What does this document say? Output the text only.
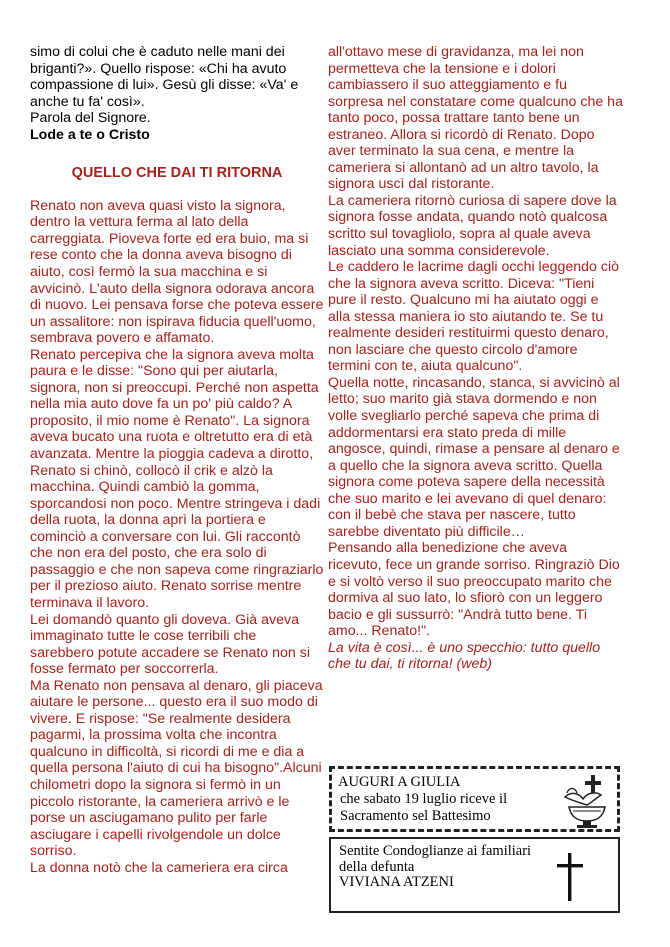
simo di colui che è caduto nelle mani dei briganti?». Quello rispose: «Chi ha avuto compassione di lui». Gesù gli disse: «Va' e anche tu fa' così».

Parola del Signore.

Lode a te o Cristo

QUELLO CHE DAI TI RITORNA

Renato non aveva quasi visto la signora, dentro la vettura ferma al lato della carreggiata. Pioveva forte ed era buio, ma si rese conto che la donna aveva bisogno di aiuto, così fermò la sua macchina e si avvicinò. L'auto della signora odorava ancora di nuovo. Lei pensava forse che poteva essere un assalitore: non ispirava fiducia quell'uomo, sembrava povero e affamato.

Renato percepiva che la signora aveva molta paura e le disse: "Sono qui per aiutarla, signora, non si preoccupi. Perché non aspetta nella mia auto dove fa un po' più caldo? A proposito, il mio nome è Renato". La signora aveva bucato una ruota e oltretutto era di età avanzata. Mentre la pioggia cadeva a dirotto, Renato si chinò, collocò il crik e alzò la macchina. Quindi cambiò la gomma, sporcandosi non poco. Mentre stringeva i dadi della ruota, la donna aprì la portiera e cominciò a conversare con lui. Gli raccontò che non era del posto, che era solo di passaggio e che non sapeva come ringraziarlo per il prezioso aiuto. Renato sorrise mentre terminava il lavoro.

Lei domandò quanto gli doveva. Già aveva immaginato tutte le cose terribili che sarebbero potute accadere se Renato non si fosse fermato per soccorrerla.

Ma Renato non pensava al denaro, gli piaceva aiutare le persone... questo era il suo modo di vivere. E rispose: "Se realmente desidera pagarmi, la prossima volta che incontra qualcuno in difficoltà, si ricordi di me e dia a quella persona l'aiuto di cui ha bisogno".Alcuni chilometri dopo la signora si fermò in un piccolo ristorante, la cameriera arrivò e le porse un asciugamano pulito per farle asciugare i capelli rivolgendole un dolce sorriso.

La donna notò che la cameriera era circa

all'ottavo mese di gravidanza, ma lei non permetteva che la tensione e i dolori cambiassero il suo atteggiamento e fu sorpresa nel constatare come qualcuno che ha tanto poco, possa trattare tanto bene un estraneo. Allora si ricordò di Renato. Dopo aver terminato la sua cena, e mentre la cameriera si allontanò ad un altro tavolo, la signora uscì dal ristorante.

La cameriera ritornò curiosa di sapere dove la signora fosse andata, quando notò qualcosa scritto sul tovagliolo, sopra al quale aveva lasciato una somma considerevole.

Le caddero le lacrime dagli occhi leggendo ciò che la signora aveva scritto. Diceva: "Tieni pure il resto. Qualcuno mi ha aiutato oggi e alla stessa maniera io sto aiutando te. Se tu realmente desideri restituirmi questo denaro, non lasciare che questo circolo d'amore termini con te, aiuta qualcuno".

Quella notte, rincasando, stanca, si avvicinò al letto; suo marito già stava dormendo e non volle svegliarlo perché sapeva che prima di addormentarsi era stato preda di mille angosce, quindi, rimase a pensare al denaro e a quello che la signora aveva scritto. Quella signora come poteva sapere della necessità che suo marito e lei avevano di quel denaro: con il bebè che stava per nascere, tutto sarebbe diventato più difficile…

Pensando alla benedizione che aveva ricevuto, fece un grande sorriso. Ringraziò Dio e si voltò verso il suo preoccupato marito che dormiva al suo lato, lo sfiorò con un leggero bacio e gli sussurrò: "Andrà tutto bene. Ti amo... Renato!".

La vita è così... è uno specchio: tutto quello che tu dai, ti ritorna! (web)

AUGURI A GIULIA
che sabato 19 luglio riceve il
Sacramento sel Battesimo
Sentite Condoglianze ai familiari
della defunta
VIVIANA ATZENI
